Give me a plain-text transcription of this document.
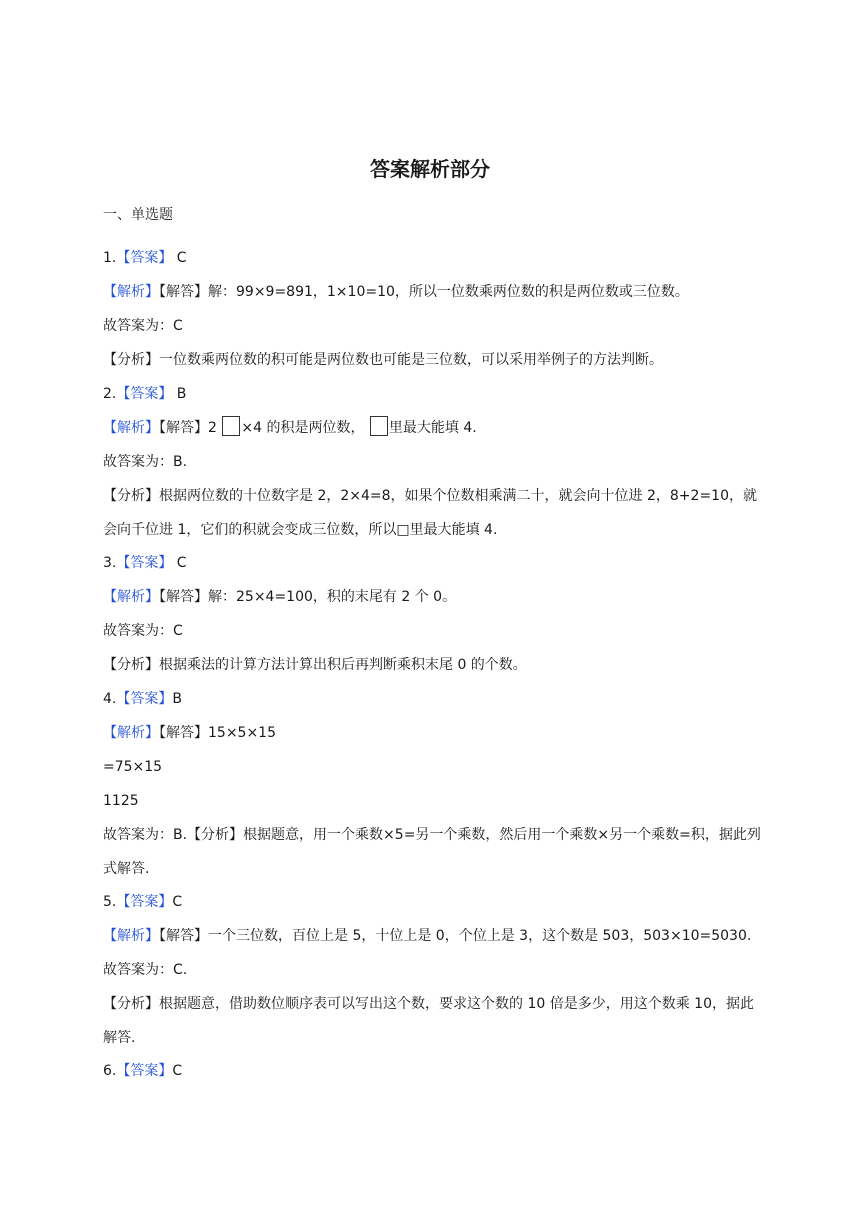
答案解析部分
一、单选题
1.【答案】 C
【解析】【解答】解：99×9=891，1×10=10，所以一位数乘两位数的积是两位数或三位数。
故答案为：C
【分析】一位数乘两位数的积可能是两位数也可能是三位数，可以采用举例子的方法判断。
2.【答案】 B
【解析】【解答】2 ×4 的积是两位数， 里最大能填 4.
故答案为：B.
【分析】根据两位数的十位数字是 2，2×4=8，如果个位数相乘满二十，就会向十位进 2，8+2=10，就会向千位进 1，它们的积就会变成三位数，所以□里最大能填 4.
3.【答案】 C
【解析】【解答】解：25×4=100，积的末尾有 2 个 0。
故答案为：C
【分析】根据乘法的计算方法计算出积后再判断乘积末尾 0 的个数。
4.【答案】B
【解析】【解答】15×5×15
=75×15
1125
故答案为：B.【分析】根据题意，用一个乘数×5=另一个乘数，然后用一个乘数×另一个乘数=积，据此列式解答.
5.【答案】C
【解析】【解答】一个三位数，百位上是 5，十位上是 0，个位上是 3，这个数是 503，503×10=5030.
故答案为：C.
【分析】根据题意，借助数位顺序表可以写出这个数，要求这个数的 10 倍是多少，用这个数乘 10，据此解答.
6.【答案】C
